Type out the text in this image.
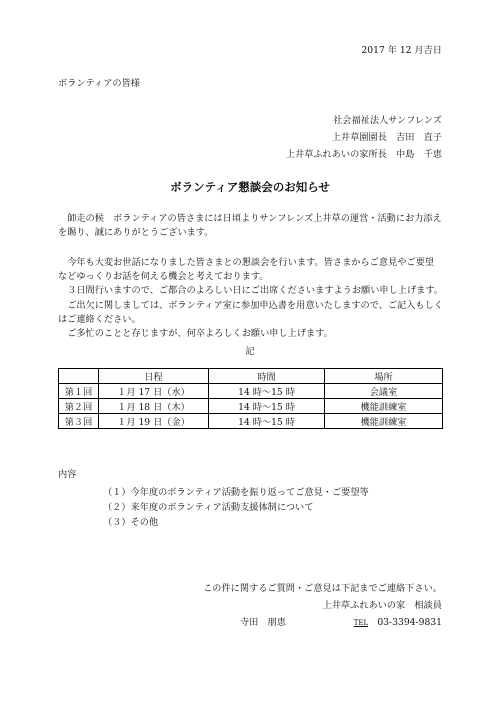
2017 年 12 月吉日
ボランティアの皆様
社会福祉法人サンフレンズ
上井草園園長　吉田　直子
上井草ふれあいの家所長　中島　千恵
ボランティア懇談会のお知らせ

師走の候　ボランティアの皆さまには日頃よりサンフレンズ上井草の運営・活動にお力添えを賜り、誠にありがとうございます。

今年も大変お世話になりました皆さまとの懇談会を行います。皆さまからご意見やご要望などゆっくりお話を伺える機会と考えております。

３日間行いますので、ご都合のよろしい日にご出席くださいますようお願い申し上げます。

ご出欠に関しましては、ボランティア室に参加申込書を用意いたしますので、ご記入もしくはご連絡ください。

ご多忙のことと存じますが、何卒よろしくお願い申し上げます。

記
	日程	時間	場所
第１回	１月 17 日（水）	14 時～15 時	会議室
第２回	１月 18 日（木）	14 時～15 時	機能訓練室
第３回	１月 19 日（金）	14 時～15 時	機能訓練室
内容
（１）今年度のボランティア活動を振り返ってご意見・ご要望等
（２）来年度のボランティア活動支援体制について
（３）その他
この件に関するご質問・ご意見は下記までご連絡下さい。
上井草ふれあいの家　相談員
寺田　朋恵	TEL　 03-3394-9831
